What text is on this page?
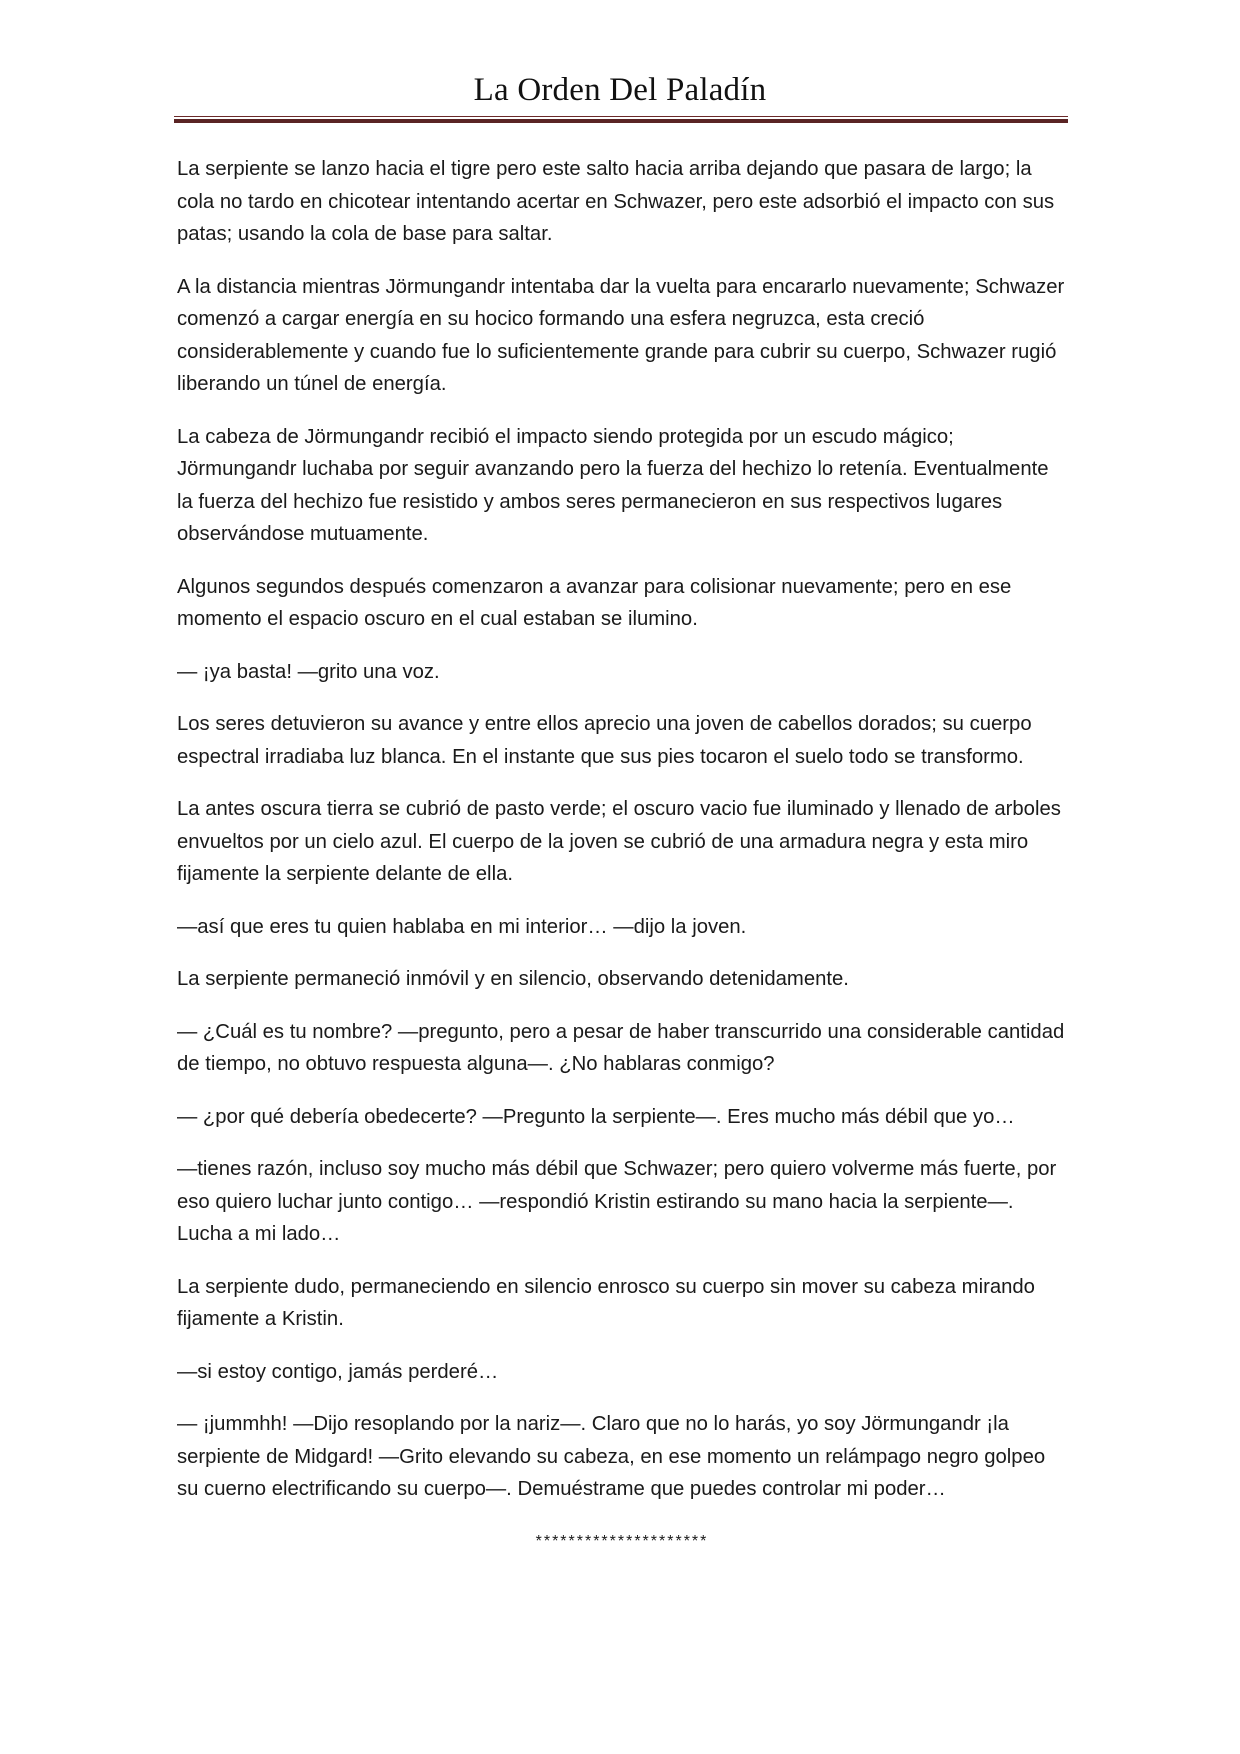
La Orden Del Paladín

La serpiente se lanzo hacia el tigre pero este salto hacia arriba dejando que pasara de largo; la cola no tardo en chicotear intentando acertar en Schwazer, pero este adsorbió el impacto con sus patas; usando la cola de base para saltar.

A la distancia mientras Jörmungandr intentaba dar la vuelta para encararlo nuevamente; Schwazer comenzó a cargar energía en su hocico formando una esfera negruzca, esta creció considerablemente y cuando fue lo suficientemente grande para cubrir su cuerpo, Schwazer rugió liberando un túnel de energía.

La cabeza de Jörmungandr recibió el impacto siendo protegida por un escudo mágico; Jörmungandr luchaba por seguir avanzando pero la fuerza del hechizo lo retenía. Eventualmente la fuerza del hechizo fue resistido y ambos seres permanecieron en sus respectivos lugares observándose mutuamente.

Algunos segundos después comenzaron a avanzar para colisionar nuevamente; pero en ese momento el espacio oscuro en el cual estaban se ilumino.

— ¡ya basta! —grito una voz.

Los seres detuvieron su avance y entre ellos aprecio una joven de cabellos dorados; su cuerpo espectral irradiaba luz blanca. En el instante que sus pies tocaron el suelo todo se transformo.

La antes oscura tierra se cubrió de pasto verde; el oscuro vacio fue iluminado y llenado de arboles envueltos por un cielo azul. El cuerpo de la joven se cubrió de una armadura negra y esta miro fijamente la serpiente delante de ella.

—así que eres tu quien hablaba en mi interior… —dijo la joven.

La serpiente permaneció inmóvil y en silencio, observando detenidamente.

— ¿Cuál es tu nombre? —pregunto, pero a pesar de haber transcurrido una considerable cantidad de tiempo, no obtuvo respuesta alguna—. ¿No hablaras conmigo?

— ¿por qué debería obedecerte? —Pregunto la serpiente—. Eres mucho más débil que yo…

—tienes razón, incluso soy mucho más débil que Schwazer; pero quiero volverme más fuerte, por eso quiero luchar junto contigo… —respondió Kristin estirando su mano hacia la serpiente—. Lucha a mi lado…

La serpiente dudo, permaneciendo en silencio enrosco su cuerpo sin mover su cabeza mirando fijamente a Kristin.

—si estoy contigo, jamás perderé…

— ¡jummhh! —Dijo resoplando por la nariz—. Claro que no lo harás, yo soy Jörmungandr ¡la serpiente de Midgard! —Grito elevando su cabeza, en ese momento un relámpago negro golpeo su cuerno electrificando su cuerpo—. Demuéstrame que puedes controlar mi poder…

*********************
